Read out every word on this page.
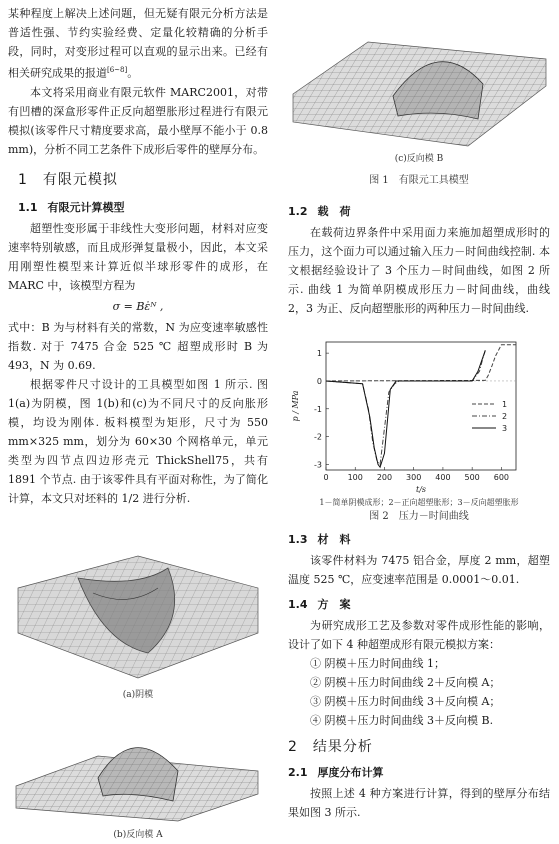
某种程度上解决上述问题，但无疑有限元分析方法是普适性强、节约实验经费、定量化较精确的分析手段，同时，对变形过程可以直观的显示出来。已经有相关研究成果的报道[6~8]。

本文将采用商业有限元软件 MARC2001，对带有凹槽的深盒形零件正反向超塑胀形过程进行有限元模拟(该零件尺寸精度要求高，最小壁厚不能小于 0.8 mm)，分析不同工艺条件下成形后零件的壁厚分布。

1　有限元模拟
1.1 有限元计算模型

超塑性变形属于非线性大变形问题，材料对应变速率特别敏感，而且成形弹复量极小，因此，本文采用刚塑性模型来计算近似半球形零件的成形，在 MARC 中，该模型方程为

σ = Bε̇ᴺ ,

式中：B 为与材料有关的常数，N 为应变速率敏感性指数. 对于 7475 合金 525 ℃ 超塑成形时 B 为 493，N 为 0.69.

根据零件尺寸设计的工具模型如图 1 所示. 图 1(a)为阴模，图 1(b)和(c)为不同尺寸的反向胀形模，均设为刚体. 板料模型为矩形，尺寸为 550 mm×325 mm，划分为 60×30 个网格单元，单元类型为四节点四边形壳元 ThickShell75，共有 1891 个节点. 由于该零件具有平面对称性，为了简化计算，本文只对坯料的 1/2 进行分析.

(a)阴模
(b)反向模 A
(c)反向模 B
图 1　有限元工具模型
1.2 载　荷

在载荷边界条件中采用面力来施加超塑成形时的压力，这个面力可以通过输入压力－时间曲线控制. 本文根据经验设计了 3 个压力－时间曲线，如图 2 所示. 曲线 1 为简单阴模成形压力－时间曲线，曲线 2，3 为正、反向超塑胀形的两种压力－时间曲线.

0 100 200 300 400 500 600
-3
-2
-1
0
1
t/s
p / MPa	1
2
3
1－简单阴模成形；2－正向超塑胀形；3－反向超塑胀形
图 2　压力－时间曲线
1.3 材　料

该零件材料为 7475 铝合金，厚度 2 mm，超塑温度 525 ℃，应变速率范围是 0.0001～0.01.

1.4 方　案

为研究成形工艺及参数对零件成形性能的影响，设计了如下 4 种超塑成形有限元模拟方案：

① 阴模＋压力时间曲线 1；

② 阴模＋压力时间曲线 2＋反向模 A；

③ 阴模＋压力时间曲线 3＋反向模 A；

④ 阴模＋压力时间曲线 3＋反向模 B.

2　结果分析
2.1 厚度分布计算

按照上述 4 种方案进行计算，得到的壁厚分布结果如图 3 所示.
